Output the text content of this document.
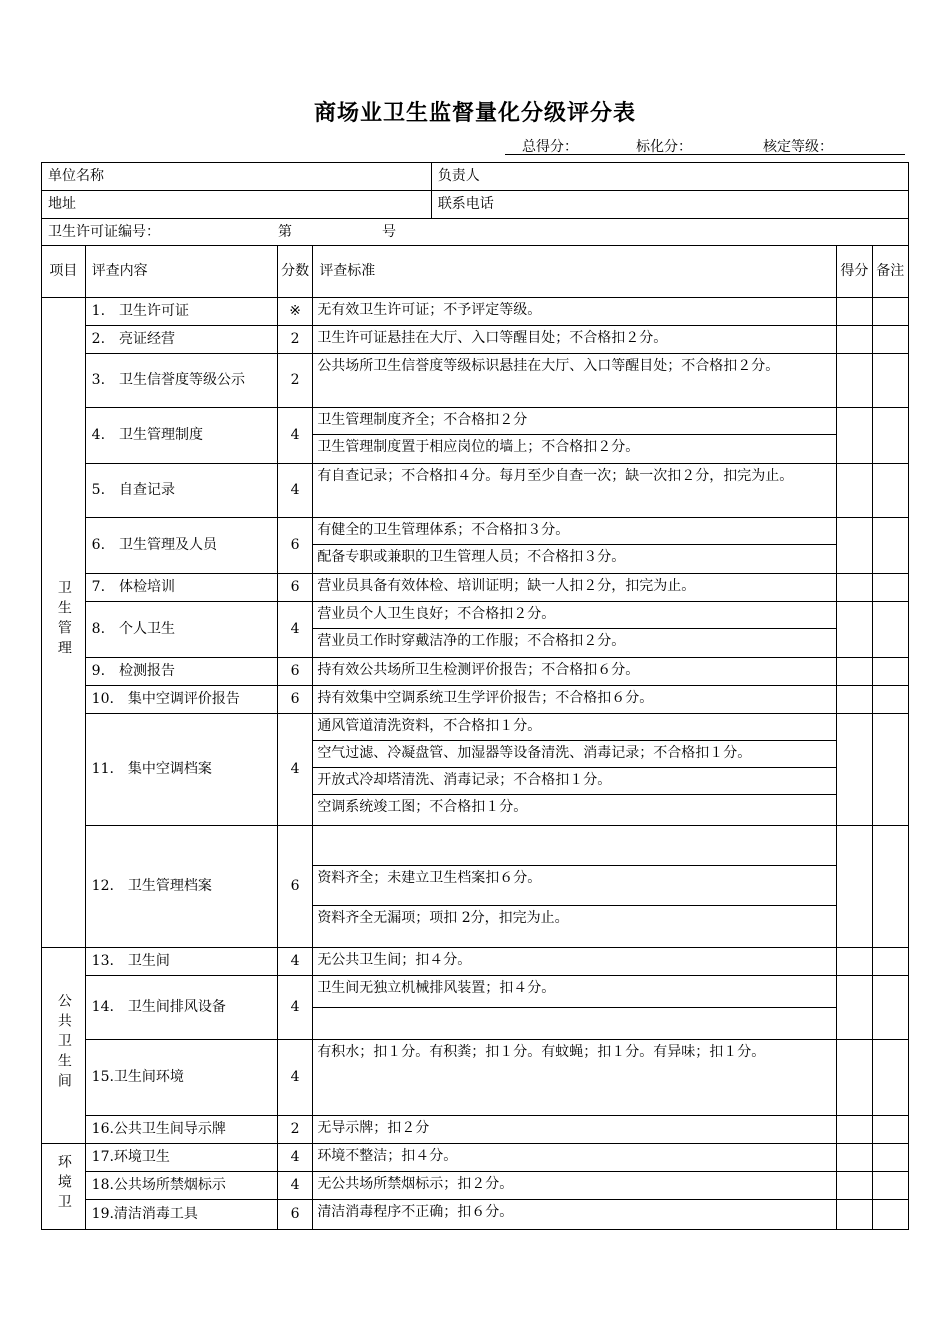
商场业卫生监督量化分级评分表
总得分：	标化分：	核定等级：
单位名称				负责人		
地址				联系电话		
卫生许可证编号： 第 号						
项目	评查内容	分数	评查标准		得分	备注
卫生管理	1.　卫生许可证	※	无有效卫生许可证；不予评定等级。			

	2.　亮证经营	2	卫生许可证悬挂在大厅、入口等醒目处；不合格扣２分。			

	3.　卫生信誉度等级公示	2	公共场所卫生信誉度等级标识悬挂在大厅、入口等醒目处；不合格扣２分。			

	4.　卫生管理制度	4	卫生管理制度齐全；不合格扣２分
卫生管理制度置于相应岗位的墙上；不合格扣２分。			

	5.　自查记录	4	有自查记录；不合格扣４分。每月至少自查一次；缺一次扣２分，扣完为止。			

	6.　卫生管理及人员	6	有健全的卫生管理体系；不合格扣３分。
配备专职或兼职的卫生管理人员；不合格扣３分。			

	7.　体检培训	6	营业员具备有效体检、培训证明；缺一人扣２分，扣完为止。			

	8.　个人卫生	4	营业员个人卫生良好；不合格扣２分。
营业员工作时穿戴洁净的工作服；不合格扣２分。			

	9.　检测报告	6	持有效公共场所卫生检测评价报告；不合格扣６分。			

	10.　集中空调评价报告	6	持有效集中空调系统卫生学评价报告；不合格扣６分。			

	11.　集中空调档案	4	通风管道清洗资料，不合格扣１分。
空气过滤、冷凝盘管、加湿器等设备清洗、消毒记录；不合格扣１分。
开放式冷却塔清洗、消毒记录；不合格扣１分。
空调系统竣工图；不合格扣１分。			

	12.　卫生管理档案	6	资料齐全；未建立卫生档案扣６分。
资料齐全无漏项；项扣 2分，扣完为止。			

公共卫生间	13.　卫生间	4	无公共卫生间；扣４分。			

	14.　卫生间排风设备	4	卫生间无独立机械排风装置；扣４分。			

	15.卫生间环境	4	有积水；扣１分。有积粪；扣１分。有蚊蝇；扣１分。有异味；扣１分。			

	16.公共卫生间导示牌	2	无导示牌；扣２分			

环境卫	17.环境卫生	4	环境不整洁；扣４分。			

	18.公共场所禁烟标示	4	无公共场所禁烟标示；扣２分。			

	19.清洁消毒工具	6	清洁消毒程序不正确；扣６分。			
